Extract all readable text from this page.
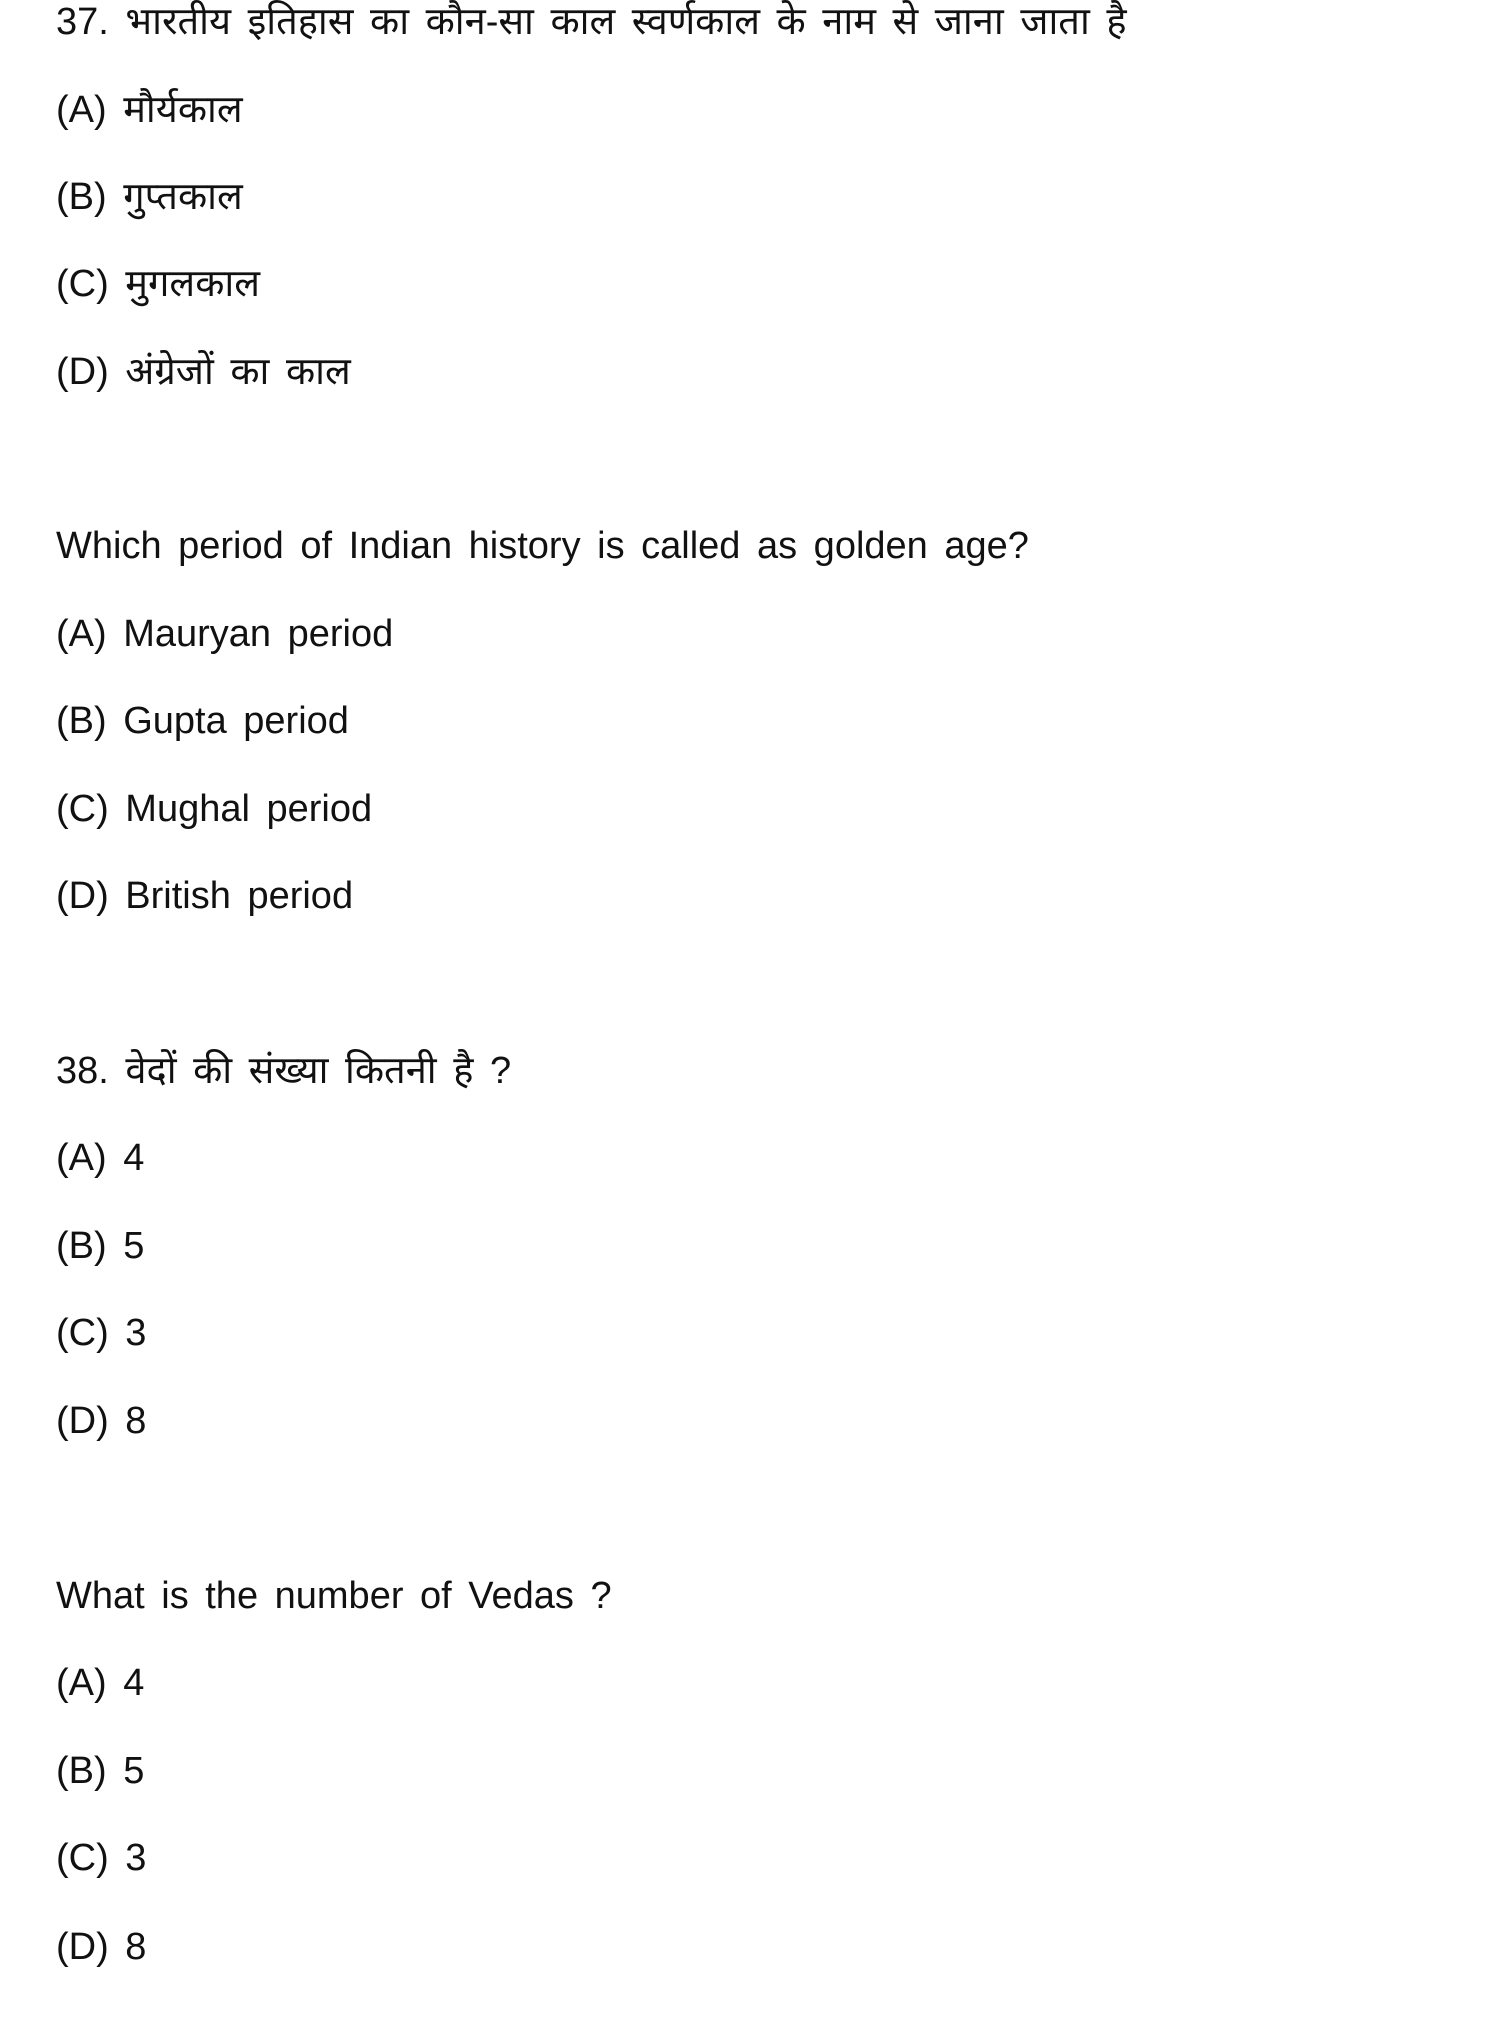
37. भारतीय इतिहास का कौन-सा काल स्वर्णकाल के नाम से जाना जाता है
(A) मौर्यकाल
(B) गुप्तकाल
(C) मुगलकाल
(D) अंग्रेजों का काल
Which period of Indian history is called as golden age?
(A) Mauryan period
(B) Gupta period
(C) Mughal period
(D) British period
38. वेदों की संख्या कितनी है ?
(A) 4
(B) 5
(C) 3
(D) 8
What is the number of Vedas ?
(A) 4
(B) 5
(C) 3
(D) 8
